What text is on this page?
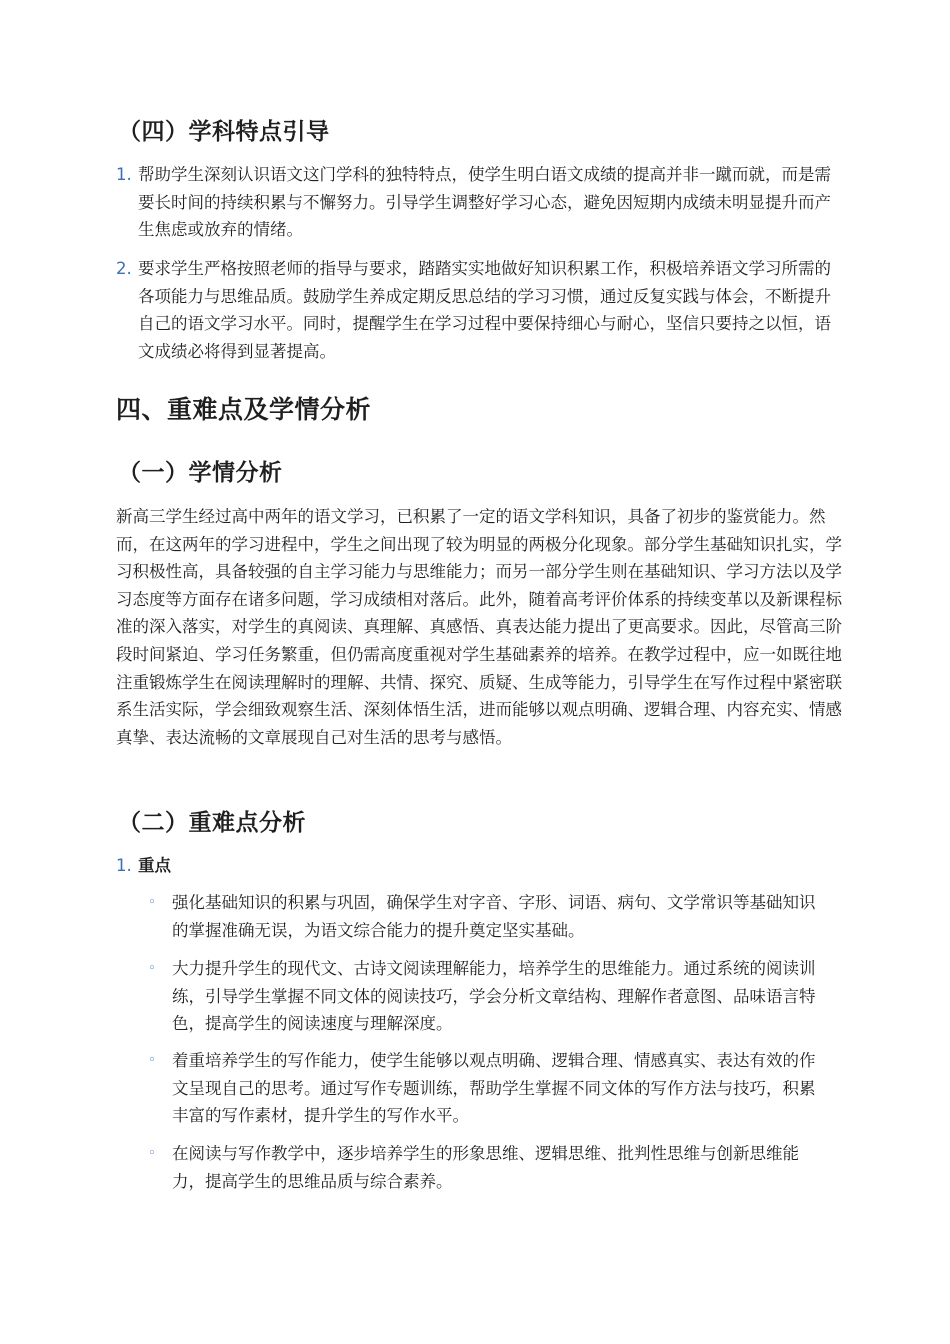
（四）学科特点引导
1. 帮助学生深刻认识语文这门学科的独特特点，使学生明白语文成绩的提高并非一蹴而就，而是需要长时间的持续积累与不懈努力。引导学生调整好学习心态，避免因短期内成绩未明显提升而产生焦虑或放弃的情绪。
2. 要求学生严格按照老师的指导与要求，踏踏实实地做好知识积累工作，积极培养语文学习所需的各项能力与思维品质。鼓励学生养成定期反思总结的学习习惯，通过反复实践与体会，不断提升自己的语文学习水平。同时，提醒学生在学习过程中要保持细心与耐心，坚信只要持之以恒，语文成绩必将得到显著提高。
四、重难点及学情分析
（一）学情分析

新高三学生经过高中两年的语文学习，已积累了一定的语文学科知识，具备了初步的鉴赏能力。然而，在这两年的学习进程中，学生之间出现了较为明显的两极分化现象。部分学生基础知识扎实，学习积极性高，具备较强的自主学习能力与思维能力；而另一部分学生则在基础知识、学习方法以及学习态度等方面存在诸多问题，学习成绩相对落后。此外，随着高考评价体系的持续变革以及新课程标准的深入落实，对学生的真阅读、真理解、真感悟、真表达能力提出了更高要求。因此，尽管高三阶段时间紧迫、学习任务繁重，但仍需高度重视对学生基础素养的培养。在教学过程中，应一如既往地注重锻炼学生在阅读理解时的理解、共情、探究、质疑、生成等能力，引导学生在写作过程中紧密联系生活实际，学会细致观察生活、深刻体悟生活，进而能够以观点明确、逻辑合理、内容充实、情感真挚、表达流畅的文章展现自己对生活的思考与感悟。

（二）重难点分析
1. 重点
◦ 强化基础知识的积累与巩固，确保学生对字音、字形、词语、病句、文学常识等基础知识的掌握准确无误，为语文综合能力的提升奠定坚实基础。
◦ 大力提升学生的现代文、古诗文阅读理解能力，培养学生的思维能力。通过系统的阅读训练，引导学生掌握不同文体的阅读技巧，学会分析文章结构、理解作者意图、品味语言特色，提高学生的阅读速度与理解深度。
◦ 着重培养学生的写作能力，使学生能够以观点明确、逻辑合理、情感真实、表达有效的作文呈现自己的思考。通过写作专题训练，帮助学生掌握不同文体的写作方法与技巧，积累丰富的写作素材，提升学生的写作水平。
◦ 在阅读与写作教学中，逐步培养学生的形象思维、逻辑思维、批判性思维与创新思维能力，提高学生的思维品质与综合素养。
